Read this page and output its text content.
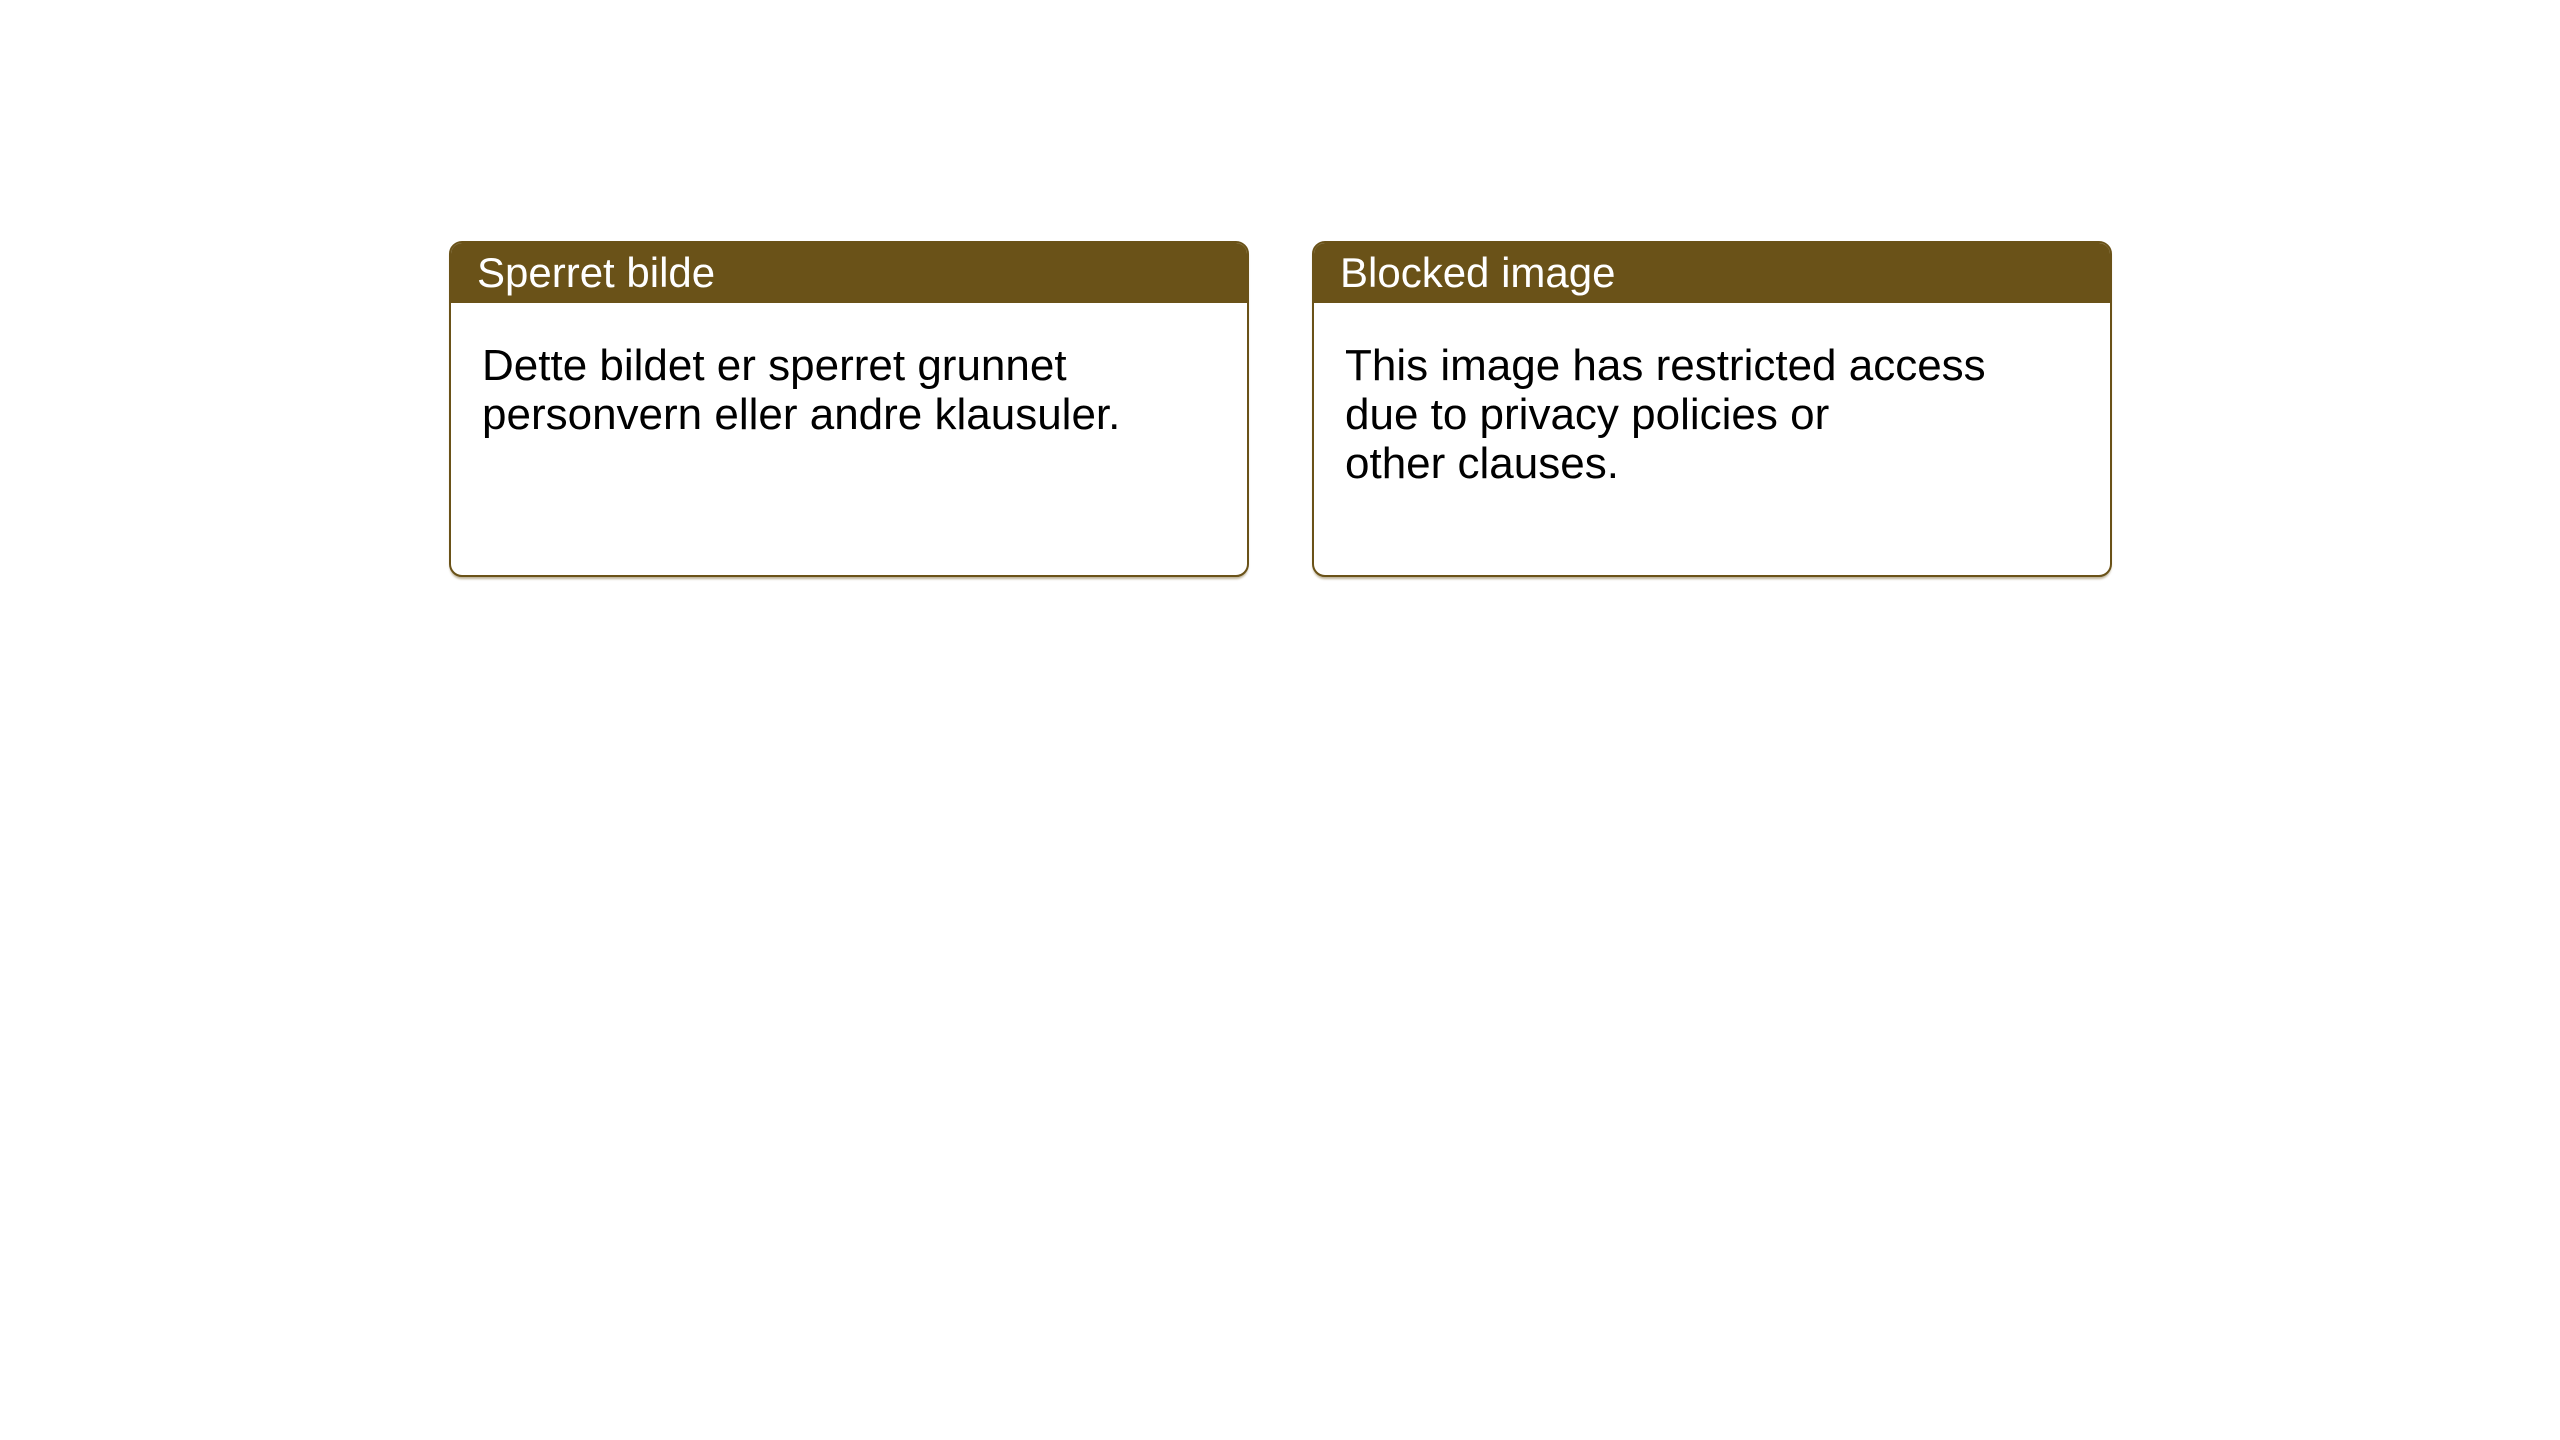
Sperret bilde
Dette bildet er sperret grunnet
personvern eller andre klausuler.
Blocked image
This image has restricted access
due to privacy policies or
other clauses.
